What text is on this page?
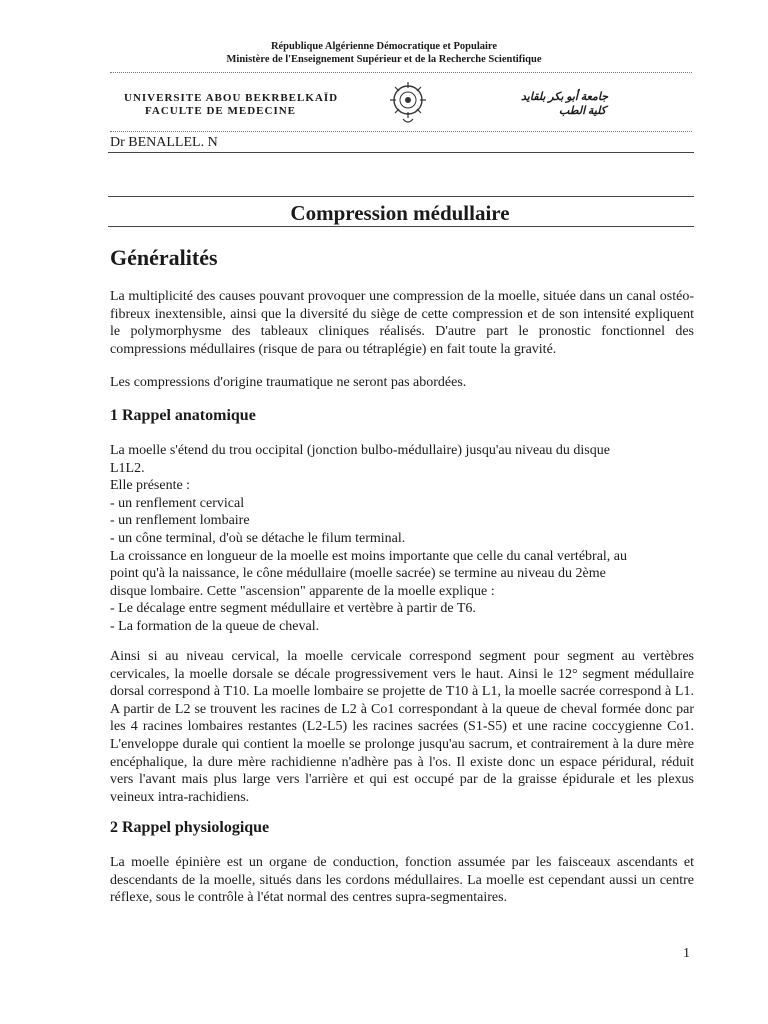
République Algérienne Démocratique et Populaire
Ministère de l'Enseignement Supérieur et de la Recherche Scientifique
UNIVERSITE ABOU BEKRBELKAÏD
FACULTE DE MEDECINE
جامعة أبو بكر بلقايد
كلية الطب
Dr BENALLEL. N
Compression médullaire
Généralités
La multiplicité des causes pouvant provoquer une compression de la moelle, située dans un canal ostéo-fibreux inextensible, ainsi que la diversité du siège de cette compression et de son intensité expliquent le polymorphysme des tableaux cliniques réalisés. D'autre part le pronostic fonctionnel des compressions médullaires (risque de para ou tétraplégie) en fait toute la gravité.
Les compressions d'origine traumatique ne seront pas abordées.
1 Rappel anatomique
La moelle s'étend du trou occipital (jonction bulbo-médullaire) jusqu'au niveau du disque
L1L2.
Elle présente :
- un renflement cervical
- un renflement lombaire
- un cône terminal, d'où se détache le filum terminal.
La croissance en longueur de la moelle est moins importante que celle du canal vertébral, au
point qu'à la naissance, le cône médullaire (moelle sacrée) se termine au niveau du 2ème
disque lombaire. Cette "ascension" apparente de la moelle explique :
- Le décalage entre segment médullaire et vertèbre à partir de T6.
- La formation de la queue de cheval.
Ainsi si au niveau cervical, la moelle cervicale correspond segment pour segment au vertèbres cervicales, la moelle dorsale se décale progressivement vers le haut. Ainsi le 12° segment médullaire dorsal correspond à T10. La moelle lombaire se projette de T10 à L1, la moelle sacrée correspond à L1. A partir de L2 se trouvent les racines de L2 à Co1 correspondant à la queue de cheval formée donc par les 4 racines lombaires restantes (L2-L5) les racines sacrées (S1-S5) et une racine coccygienne Co1. L'enveloppe durale qui contient la moelle se prolonge jusqu'au sacrum, et contrairement à la dure mère encéphalique, la dure mère rachidienne n'adhère pas à l'os. Il existe donc un espace péridural, réduit vers l'avant mais plus large vers l'arrière et qui est occupé par de la graisse épidurale et les plexus veineux intra-rachidiens.
2 Rappel physiologique
La moelle épinière est un organe de conduction, fonction assumée par les faisceaux ascendants et descendants de la moelle, situés dans les cordons médullaires. La moelle est cependant aussi un centre réflexe, sous le contrôle à l'état normal des centres supra-segmentaires.
1
